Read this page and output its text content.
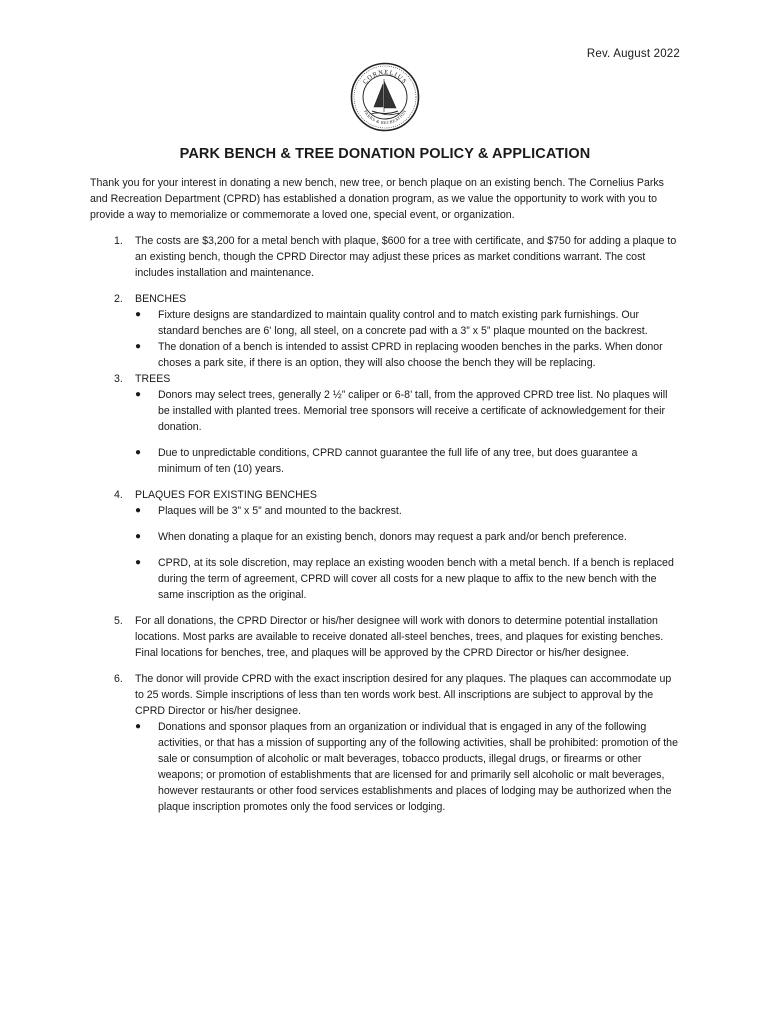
Rev. August 2022
CORNELIUS
PARKS & RECREATION
PARK BENCH & TREE DONATION POLICY & APPLICATION

Thank you for your interest in donating a new bench, new tree, or bench plaque on an existing bench. The Cornelius Parks and Recreation Department (CPRD) has established a donation program, as we value the opportunity to work with you to provide a way to memorialize or commemorate a loved one, special event, or organization.

1. The costs are $3,200 for a metal bench with plaque, $600 for a tree with certificate, and $750 for adding a plaque to an existing bench, though the CPRD Director may adjust these prices as market conditions warrant. The cost includes installation and maintenance.

2. BENCHES

● Fixture designs are standardized to maintain quality control and to match existing park furnishings. Our standard benches are 6' long, all steel, on a concrete pad with a 3” x 5” plaque mounted on the backrest.
● The donation of a bench is intended to assist CPRD in replacing wooden benches in the parks. When donor choses a park site, if there is an option, they will also choose the bench they will be replacing.
3. TREES

● Donors may select trees, generally 2 ½” caliper or 6-8’ tall, from the approved CPRD tree list. No plaques will be installed with planted trees. Memorial tree sponsors will receive a certificate of acknowledgement for their donation.
● Due to unpredictable conditions, CPRD cannot guarantee the full life of any tree, but does guarantee a minimum of ten (10) years.
4. PLAQUES FOR EXISTING BENCHES

● Plaques will be 3” x 5” and mounted to the backrest.
● When donating a plaque for an existing bench, donors may request a park and/or bench preference.
● CPRD, at its sole discretion, may replace an existing wooden bench with a metal bench. If a bench is replaced during the term of agreement, CPRD will cover all costs for a new plaque to affix to the new bench with the same inscription as the original.
5. For all donations, the CPRD Director or his/her designee will work with donors to determine potential installation locations. Most parks are available to receive donated all-steel benches, trees, and plaques for existing benches. Final locations for benches, tree, and plaques will be approved by the CPRD Director or his/her designee.

6. The donor will provide CPRD with the exact inscription desired for any plaques. The plaques can accommodate up to 25 words. Simple inscriptions of less than ten words work best. All inscriptions are subject to approval by the CPRD Director or his/her designee.

● Donations and sponsor plaques from an organization or individual that is engaged in any of the following activities, or that has a mission of supporting any of the following activities, shall be prohibited: promotion of the sale or consumption of alcoholic or malt beverages, tobacco products, illegal drugs, or firearms or other weapons; or promotion of establishments that are licensed for and primarily sell alcoholic or malt beverages, however restaurants or other food services establishments and places of lodging may be authorized when the plaque inscription promotes only the food services or lodging.
